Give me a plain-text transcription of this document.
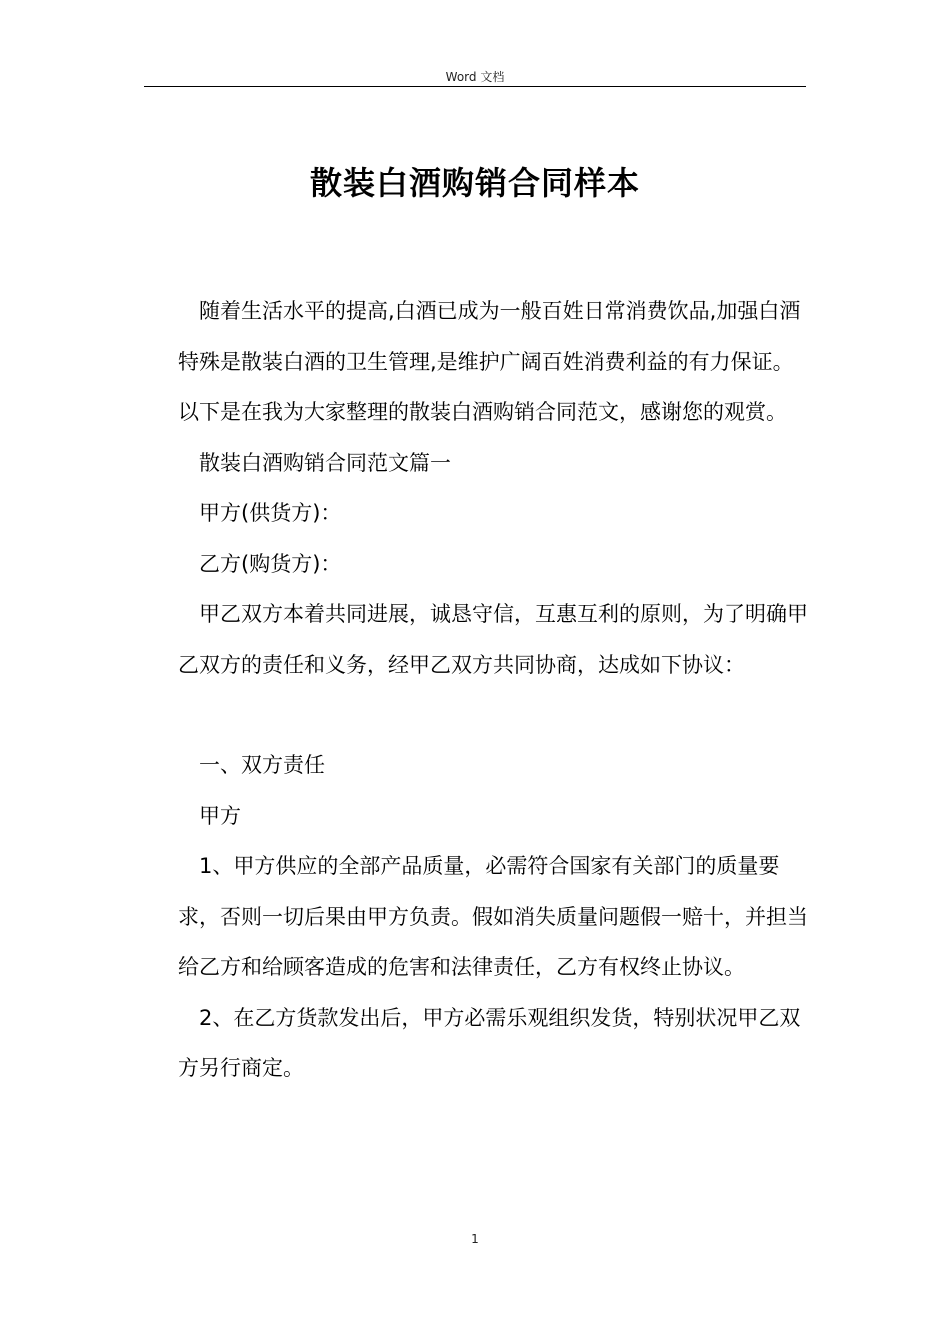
Word 文档
散装白酒购销合同样本

随着生活水平的提高,白酒已成为一般百姓日常消费饮品,加强白酒特殊是散装白酒的卫生管理,是维护广阔百姓消费利益的有力保证。以下是在我为大家整理的散装白酒购销合同范文，感谢您的观赏。

散装白酒购销合同范文篇一

甲方(供货方)：

乙方(购货方)：

甲乙双方本着共同进展，诚恳守信，互惠互利的原则，为了明确甲乙双方的责任和义务，经甲乙双方共同协商，达成如下协议：

一、双方责任

甲方

1、甲方供应的全部产品质量，必需符合国家有关部门的质量要求，否则一切后果由甲方负责。假如消失质量问题假一赔十，并担当给乙方和给顾客造成的危害和法律责任，乙方有权终止协议。

2、在乙方货款发出后，甲方必需乐观组织发货，特别状况甲乙双方另行商定。

1
